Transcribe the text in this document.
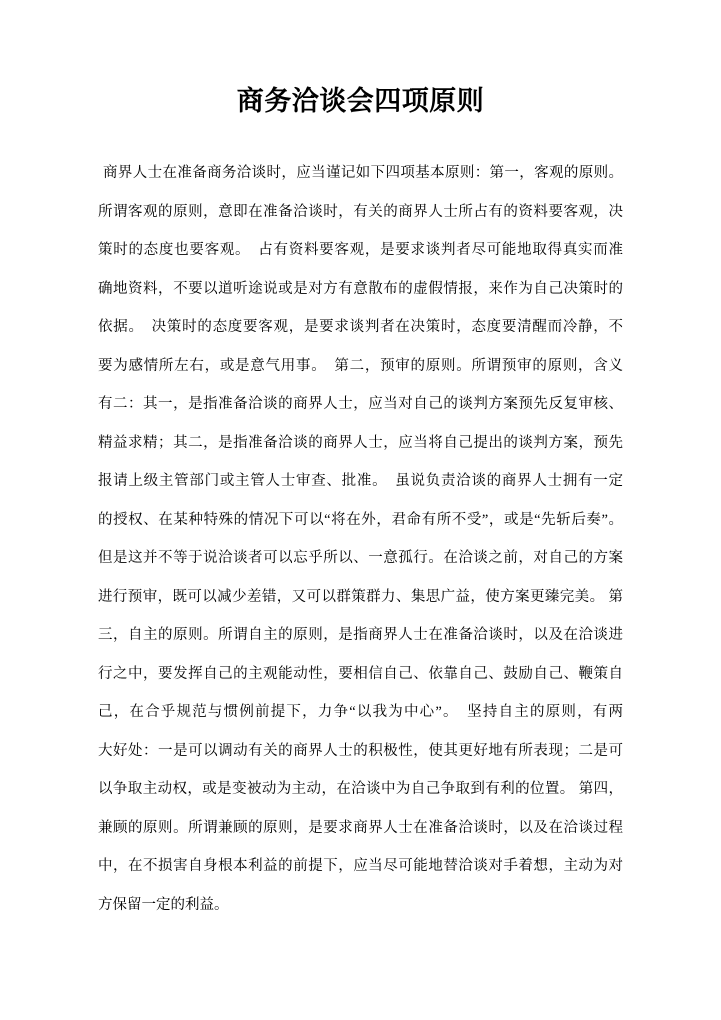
商务洽谈会四项原则
商界人士在准备商务洽谈时，应当谨记如下四项基本原则：第一，客观的原则。
所谓客观的原则，意即在准备洽谈时，有关的商界人士所占有的资料要客观，决
策时的态度也要客观。　占有资料要客观，是要求谈判者尽可能地取得真实而准
确地资料，不要以道听途说或是对方有意散布的虚假情报，来作为自己决策时的
依据。　决策时的态度要客观，是要求谈判者在决策时，态度要清醒而冷静，不
要为感情所左右，或是意气用事。　第二，预审的原则。所谓预审的原则，含义
有二：其一，是指准备洽谈的商界人士，应当对自己的谈判方案预先反复审核、
精益求精；其二，是指准备洽谈的商界人士，应当将自己提出的谈判方案，预先
报请上级主管部门或主管人士审查、批准。　虽说负责洽谈的商界人士拥有一定
的授权、在某种特殊的情况下可以“将在外，君命有所不受”，或是“先斩后奏”。
但是这并不等于说洽谈者可以忘乎所以、一意孤行。在洽谈之前，对自己的方案
进行预审，既可以减少差错，又可以群策群力、集思广益，使方案更臻完美。 第
三，自主的原则。所谓自主的原则，是指商界人士在准备洽谈时，以及在洽谈进
行之中，要发挥自己的主观能动性，要相信自己、依靠自己、鼓励自己、鞭策自
己，在合乎规范与惯例前提下，力争“以我为中心”。　坚持自主的原则，有两
大好处：一是可以调动有关的商界人士的积极性，使其更好地有所表现；二是可
以争取主动权，或是变被动为主动，在洽谈中为自己争取到有利的位置。 第四，
兼顾的原则。所谓兼顾的原则，是要求商界人士在准备洽谈时，以及在洽谈过程
中，在不损害自身根本利益的前提下，应当尽可能地替洽谈对手着想，主动为对
方保留一定的利益。
